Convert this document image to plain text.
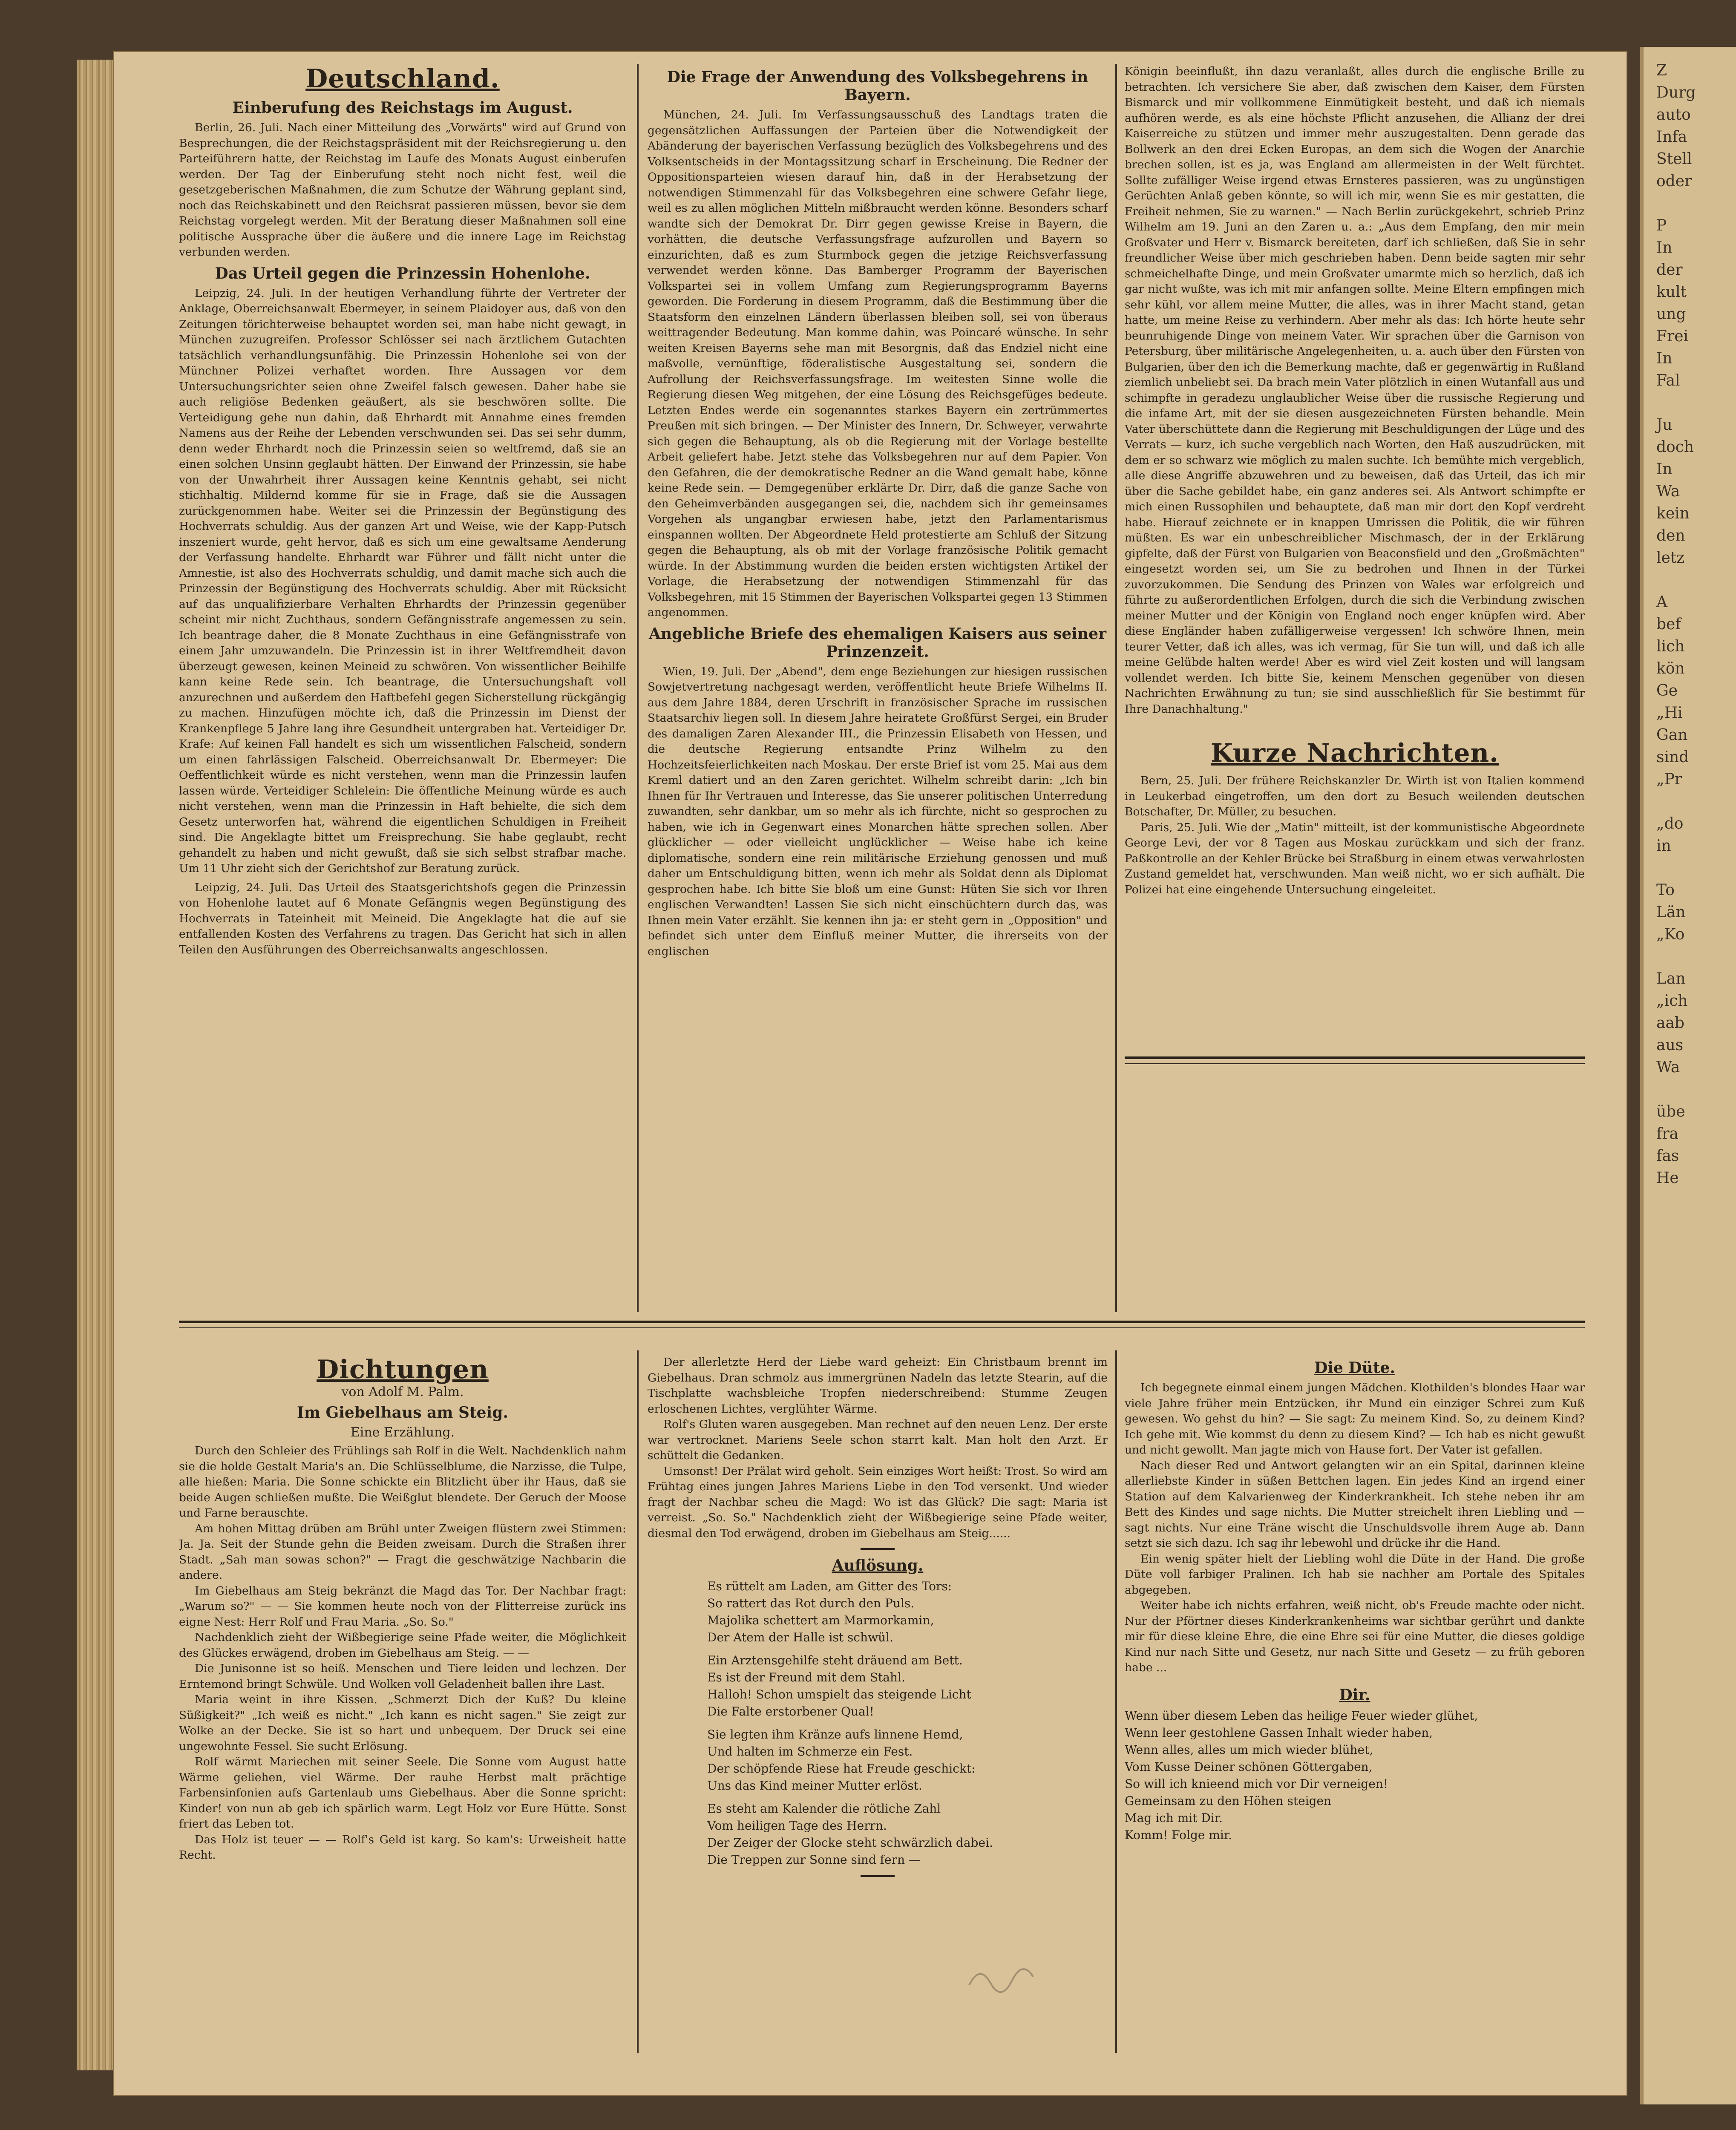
Z
Durg
auto
Infa
Stell
oder

P
In
der
kult
ung
Frei
In
Fal

Ju
doch
In
Wa
kein
den
letz

A
bef
lich
kön
Ge
„Hi
Gan
sind
„Pr

„do
in

To
Län
„Ko

Lan
„ich
aab
aus
Wa

übe
fra
fas
He
Deutschland.
Einberufung des Reichstags im August.

Berlin, 26. Juli. Nach einer Mitteilung des „Vorwärts" wird auf Grund von Besprechungen, die der Reichstagspräsident mit der Reichsregierung u. den Parteiführern hatte, der Reichstag im Laufe des Monats August einberufen werden. Der Tag der Einberufung steht noch nicht fest, weil die gesetzgeberischen Maßnahmen, die zum Schutze der Währung geplant sind, noch das Reichskabinett und den Reichsrat passieren müssen, bevor sie dem Reichstag vorgelegt werden. Mit der Beratung dieser Maßnahmen soll eine politische Aussprache über die äußere und die innere Lage im Reichstag verbunden werden.

Das Urteil gegen die Prinzessin Hohenlohe.

Leipzig, 24. Juli. In der heutigen Verhandlung führte der Vertreter der Anklage, Oberreichsanwalt Ebermeyer, in seinem Plaidoyer aus, daß von den Zeitungen törichterweise behauptet worden sei, man habe nicht gewagt, in München zuzugreifen. Professor Schlösser sei nach ärztlichem Gutachten tatsächlich verhandlungsunfähig. Die Prinzessin Hohenlohe sei von der Münchner Polizei verhaftet worden. Ihre Aussagen vor dem Untersuchungsrichter seien ohne Zweifel falsch gewesen. Daher habe sie auch religiöse Bedenken geäußert, als sie beschwören sollte. Die Verteidigung gehe nun dahin, daß Ehrhardt mit Annahme eines fremden Namens aus der Reihe der Lebenden verschwunden sei. Das sei sehr dumm, denn weder Ehrhardt noch die Prinzessin seien so weltfremd, daß sie an einen solchen Unsinn geglaubt hätten. Der Einwand der Prinzessin, sie habe von der Unwahrheit ihrer Aussagen keine Kenntnis gehabt, sei nicht stichhaltig. Mildernd komme für sie in Frage, daß sie die Aussagen zurückgenommen habe. Weiter sei die Prinzessin der Begünstigung des Hochverrats schuldig. Aus der ganzen Art und Weise, wie der Kapp-Putsch inszeniert wurde, geht hervor, daß es sich um eine gewaltsame Aenderung der Verfassung handelte. Ehrhardt war Führer und fällt nicht unter die Amnestie, ist also des Hochverrats schuldig, und damit mache sich auch die Prinzessin der Begünstigung des Hochverrats schuldig. Aber mit Rücksicht auf das unqualifizierbare Verhalten Ehrhardts der Prinzessin gegenüber scheint mir nicht Zuchthaus, sondern Gefängnisstrafe angemessen zu sein. Ich beantrage daher, die 8 Monate Zuchthaus in eine Gefängnisstrafe von einem Jahr umzuwandeln. Die Prinzessin ist in ihrer Weltfremdheit davon überzeugt gewesen, keinen Meineid zu schwören. Von wissentlicher Beihilfe kann keine Rede sein. Ich beantrage, die Untersuchungshaft voll anzurechnen und außerdem den Haftbefehl gegen Sicherstellung rückgängig zu machen. Hinzufügen möchte ich, daß die Prinzessin im Dienst der Krankenpflege 5 Jahre lang ihre Gesundheit untergraben hat. Verteidiger Dr. Krafe: Auf keinen Fall handelt es sich um wissentlichen Falscheid, sondern um einen fahrlässigen Falscheid. Oberreichsanwalt Dr. Ebermeyer: Die Oeffentlichkeit würde es nicht verstehen, wenn man die Prinzessin laufen lassen würde. Verteidiger Schlelein: Die öffentliche Meinung würde es auch nicht verstehen, wenn man die Prinzessin in Haft behielte, die sich dem Gesetz unterworfen hat, während die eigentlichen Schuldigen in Freiheit sind. Die Angeklagte bittet um Freisprechung. Sie habe geglaubt, recht gehandelt zu haben und nicht gewußt, daß sie sich selbst strafbar mache. Um 11 Uhr zieht sich der Gerichtshof zur Beratung zurück.

Leipzig, 24. Juli. Das Urteil des Staatsgerichtshofs gegen die Prinzessin von Hohenlohe lautet auf 6 Monate Gefängnis wegen Begünstigung des Hochverrats in Tateinheit mit Meineid. Die Angeklagte hat die auf sie entfallenden Kosten des Verfahrens zu tragen. Das Gericht hat sich in allen Teilen den Ausführungen des Oberreichsanwalts angeschlossen.

Die Frage der Anwendung des Volksbegehrens in Bayern.

München, 24. Juli. Im Verfassungsausschuß des Landtags traten die gegensätzlichen Auffassungen der Parteien über die Notwendigkeit der Abänderung der bayerischen Verfassung bezüglich des Volksbegehrens und des Volksentscheids in der Montagssitzung scharf in Erscheinung. Die Redner der Oppositionsparteien wiesen darauf hin, daß in der Herabsetzung der notwendigen Stimmenzahl für das Volksbegehren eine schwere Gefahr liege, weil es zu allen möglichen Mitteln mißbraucht werden könne. Besonders scharf wandte sich der Demokrat Dr. Dirr gegen gewisse Kreise in Bayern, die vorhätten, die deutsche Verfassungsfrage aufzurollen und Bayern so einzurichten, daß es zum Sturmbock gegen die jetzige Reichsverfassung verwendet werden könne. Das Bamberger Programm der Bayerischen Volkspartei sei in vollem Umfang zum Regierungsprogramm Bayerns geworden. Die Forderung in diesem Programm, daß die Bestimmung über die Staatsform den einzelnen Ländern überlassen bleiben soll, sei von überaus weittragender Bedeutung. Man komme dahin, was Poincaré wünsche. In sehr weiten Kreisen Bayerns sehe man mit Besorgnis, daß das Endziel nicht eine maßvolle, vernünftige, föderalistische Ausgestaltung sei, sondern die Aufrollung der Reichsverfassungsfrage. Im weitesten Sinne wolle die Regierung diesen Weg mitgehen, der eine Lösung des Reichsgefüges bedeute. Letzten Endes werde ein sogenanntes starkes Bayern ein zertrümmertes Preußen mit sich bringen. — Der Minister des Innern, Dr. Schweyer, verwahrte sich gegen die Behauptung, als ob die Regierung mit der Vorlage bestellte Arbeit geliefert habe. Jetzt stehe das Volksbegehren nur auf dem Papier. Von den Gefahren, die der demokratische Redner an die Wand gemalt habe, könne keine Rede sein. — Demgegenüber erklärte Dr. Dirr, daß die ganze Sache von den Geheimverbänden ausgegangen sei, die, nachdem sich ihr gemeinsames Vorgehen als ungangbar erwiesen habe, jetzt den Parlamentarismus einspannen wollten. Der Abgeordnete Held protestierte am Schluß der Sitzung gegen die Behauptung, als ob mit der Vorlage französische Politik gemacht würde. In der Abstimmung wurden die beiden ersten wichtigsten Artikel der Vorlage, die Herabsetzung der notwendigen Stimmenzahl für das Volksbegehren, mit 15 Stimmen der Bayerischen Volkspartei gegen 13 Stimmen angenommen.

Angebliche Briefe des ehemaligen Kaisers aus seiner Prinzenzeit.

Wien, 19. Juli. Der „Abend", dem enge Beziehungen zur hiesigen russischen Sowjetvertretung nachgesagt werden, veröffentlicht heute Briefe Wilhelms II. aus dem Jahre 1884, deren Urschrift in französischer Sprache im russischen Staatsarchiv liegen soll. In diesem Jahre heiratete Großfürst Sergei, ein Bruder des damaligen Zaren Alexander III., die Prinzessin Elisabeth von Hessen, und die deutsche Regierung entsandte Prinz Wilhelm zu den Hochzeitsfeierlichkeiten nach Moskau. Der erste Brief ist vom 25. Mai aus dem Kreml datiert und an den Zaren gerichtet. Wilhelm schreibt darin: „Ich bin Ihnen für Ihr Vertrauen und Interesse, das Sie unserer politischen Unterredung zuwandten, sehr dankbar, um so mehr als ich fürchte, nicht so gesprochen zu haben, wie ich in Gegenwart eines Monarchen hätte sprechen sollen. Aber glücklicher — oder vielleicht unglücklicher — Weise habe ich keine diplomatische, sondern eine rein militärische Erziehung genossen und muß daher um Entschuldigung bitten, wenn ich mehr als Soldat denn als Diplomat gesprochen habe. Ich bitte Sie bloß um eine Gunst: Hüten Sie sich vor Ihren englischen Verwandten! Lassen Sie sich nicht einschüchtern durch das, was Ihnen mein Vater erzählt. Sie kennen ihn ja: er steht gern in „Opposition" und befindet sich unter dem Einfluß meiner Mutter, die ihrerseits von der englischen

Königin beeinflußt, ihn dazu veranlaßt, alles durch die englische Brille zu betrachten. Ich versichere Sie aber, daß zwischen dem Kaiser, dem Fürsten Bismarck und mir vollkommene Einmütigkeit besteht, und daß ich niemals aufhören werde, es als eine höchste Pflicht anzusehen, die Allianz der drei Kaiserreiche zu stützen und immer mehr auszugestalten. Denn gerade das Bollwerk an den drei Ecken Europas, an dem sich die Wogen der Anarchie brechen sollen, ist es ja, was England am allermeisten in der Welt fürchtet. Sollte zufälliger Weise irgend etwas Ernsteres passieren, was zu ungünstigen Gerüchten Anlaß geben könnte, so will ich mir, wenn Sie es mir gestatten, die Freiheit nehmen, Sie zu warnen." — Nach Berlin zurückgekehrt, schrieb Prinz Wilhelm am 19. Juni an den Zaren u. a.: „Aus dem Empfang, den mir mein Großvater und Herr v. Bismarck bereiteten, darf ich schließen, daß Sie in sehr freundlicher Weise über mich geschrieben haben. Denn beide sagten mir sehr schmeichelhafte Dinge, und mein Großvater umarmte mich so herzlich, daß ich gar nicht wußte, was ich mit mir anfangen sollte. Meine Eltern empfingen mich sehr kühl, vor allem meine Mutter, die alles, was in ihrer Macht stand, getan hatte, um meine Reise zu verhindern. Aber mehr als das: Ich hörte heute sehr beunruhigende Dinge von meinem Vater. Wir sprachen über die Garnison von Petersburg, über militärische Angelegenheiten, u. a. auch über den Fürsten von Bulgarien, über den ich die Bemerkung machte, daß er gegenwärtig in Rußland ziemlich unbeliebt sei. Da brach mein Vater plötzlich in einen Wutanfall aus und schimpfte in geradezu unglaublicher Weise über die russische Regierung und die infame Art, mit der sie diesen ausgezeichneten Fürsten behandle. Mein Vater überschüttete dann die Regierung mit Beschuldigungen der Lüge und des Verrats — kurz, ich suche vergeblich nach Worten, den Haß auszudrücken, mit dem er so schwarz wie möglich zu malen suchte. Ich bemühte mich vergeblich, alle diese Angriffe abzuwehren und zu beweisen, daß das Urteil, das ich mir über die Sache gebildet habe, ein ganz anderes sei. Als Antwort schimpfte er mich einen Russophilen und behauptete, daß man mir dort den Kopf verdreht habe. Hierauf zeichnete er in knappen Umrissen die Politik, die wir führen müßten. Es war ein unbeschreiblicher Mischmasch, der in der Erklärung gipfelte, daß der Fürst von Bulgarien von Beaconsfield und den „Großmächten" eingesetzt worden sei, um Sie zu bedrohen und Ihnen in der Türkei zuvorzukommen. Die Sendung des Prinzen von Wales war erfolgreich und führte zu außerordentlichen Erfolgen, durch die sich die Verbindung zwischen meiner Mutter und der Königin von England noch enger knüpfen wird. Aber diese Engländer haben zufälligerweise vergessen! Ich schwöre Ihnen, mein teurer Vetter, daß ich alles, was ich vermag, für Sie tun will, und daß ich alle meine Gelübde halten werde! Aber es wird viel Zeit kosten und will langsam vollendet werden. Ich bitte Sie, keinem Menschen gegenüber von diesen Nachrichten Erwähnung zu tun; sie sind ausschließlich für Sie bestimmt für Ihre Danachhaltung."

Kurze Nachrichten.

Bern, 25. Juli. Der frühere Reichskanzler Dr. Wirth ist von Italien kommend in Leukerbad eingetroffen, um den dort zu Besuch weilenden deutschen Botschafter, Dr. Müller, zu besuchen.

Paris, 25. Juli. Wie der „Matin" mitteilt, ist der kommunistische Abgeordnete George Levi, der vor 8 Tagen aus Moskau zurückkam und sich der franz. Paßkontrolle an der Kehler Brücke bei Straßburg in einem etwas verwahrlosten Zustand gemeldet hat, verschwunden. Man weiß nicht, wo er sich aufhält. Die Polizei hat eine eingehende Untersuchung eingeleitet.

Dichtungen

von Adolf M. Palm.

Im Giebelhaus am Steig.

Eine Erzählung.

Durch den Schleier des Frühlings sah Rolf in die Welt. Nachdenklich nahm sie die holde Gestalt Maria's an. Die Schlüsselblume, die Narzisse, die Tulpe, alle hießen: Maria. Die Sonne schickte ein Blitzlicht über ihr Haus, daß sie beide Augen schließen mußte. Die Weißglut blendete. Der Geruch der Moose und Farne berauschte.

Am hohen Mittag drüben am Brühl unter Zweigen flüstern zwei Stimmen: Ja. Ja. Seit der Stunde gehn die Beiden zweisam. Durch die Straßen ihrer Stadt. „Sah man sowas schon?" — Fragt die geschwätzige Nachbarin die andere.

Im Giebelhaus am Steig bekränzt die Magd das Tor. Der Nachbar fragt: „Warum so?" — — Sie kommen heute noch von der Flitterreise zurück ins eigne Nest: Herr Rolf und Frau Maria. „So. So."

Nachdenklich zieht der Wißbegierige seine Pfade weiter, die Möglichkeit des Glückes erwägend, droben im Giebelhaus am Steig. — —

Die Junisonne ist so heiß. Menschen und Tiere leiden und lechzen. Der Erntemond bringt Schwüle. Und Wolken voll Geladenheit ballen ihre Last.

Maria weint in ihre Kissen. „Schmerzt Dich der Kuß? Du kleine Süßigkeit?" „Ich weiß es nicht." „Ich kann es nicht sagen." Sie zeigt zur Wolke an der Decke. Sie ist so hart und unbequem. Der Druck sei eine ungewohnte Fessel. Sie sucht Erlösung.

Rolf wärmt Mariechen mit seiner Seele. Die Sonne vom August hatte Wärme geliehen, viel Wärme. Der rauhe Herbst malt prächtige Farbensinfonien aufs Gartenlaub ums Giebelhaus. Aber die Sonne spricht: Kinder! von nun ab geb ich spärlich warm. Legt Holz vor Eure Hütte. Sonst friert das Leben tot.

Das Holz ist teuer — — Rolf's Geld ist karg. So kam's: Urweisheit hatte Recht.

Der allerletzte Herd der Liebe ward geheizt: Ein Christbaum brennt im Giebelhaus. Dran schmolz aus immergrünen Nadeln das letzte Stearin, auf die Tischplatte wachsbleiche Tropfen niederschreibend: Stumme Zeugen erloschenen Lichtes, verglühter Wärme.

Rolf's Gluten waren ausgegeben. Man rechnet auf den neuen Lenz. Der erste war vertrocknet. Mariens Seele schon starrt kalt. Man holt den Arzt. Er schüttelt die Gedanken.

Umsonst! Der Prälat wird geholt. Sein einziges Wort heißt: Trost. So wird am Frühtag eines jungen Jahres Mariens Liebe in den Tod versenkt. Und wieder fragt der Nachbar scheu die Magd: Wo ist das Glück? Die sagt: Maria ist verreist. „So. So." Nachdenklich zieht der Wißbegierige seine Pfade weiter, diesmal den Tod erwägend, droben im Giebelhaus am Steig......

Auflösung.
Es rüttelt am Laden, am Gitter des Tors:
So rattert das Rot durch den Puls.
Majolika schettert am Marmorkamin,
Der Atem der Halle ist schwül.
Ein Arztensgehilfe steht dräuend am Bett.
Es ist der Freund mit dem Stahl.
Halloh! Schon umspielt das steigende Licht
Die Falte erstorbener Qual!
Sie legten ihm Kränze aufs linnene Hemd,
Und halten im Schmerze ein Fest.
Der schöpfende Riese hat Freude geschickt:
Uns das Kind meiner Mutter erlöst.
Es steht am Kalender die rötliche Zahl
Vom heiligen Tage des Herrn.
Der Zeiger der Glocke steht schwärzlich dabei.
Die Treppen zur Sonne sind fern —
Die Düte.

Ich begegnete einmal einem jungen Mädchen. Klothilden's blondes Haar war viele Jahre früher mein Entzücken, ihr Mund ein einziger Schrei zum Kuß gewesen. Wo gehst du hin? — Sie sagt: Zu meinem Kind. So, zu deinem Kind? Ich gehe mit. Wie kommst du denn zu diesem Kind? — Ich hab es nicht gewußt und nicht gewollt. Man jagte mich von Hause fort. Der Vater ist gefallen.

Nach dieser Red und Antwort gelangten wir an ein Spital, darinnen kleine allerliebste Kinder in süßen Bettchen lagen. Ein jedes Kind an irgend einer Station auf dem Kalvarienweg der Kinderkrankheit. Ich stehe neben ihr am Bett des Kindes und sage nichts. Die Mutter streichelt ihren Liebling und — sagt nichts. Nur eine Träne wischt die Unschuldsvolle ihrem Auge ab. Dann setzt sie sich dazu. Ich sag ihr lebewohl und drücke ihr die Hand.

Ein wenig später hielt der Liebling wohl die Düte in der Hand. Die große Düte voll farbiger Pralinen. Ich hab sie nachher am Portale des Spitales abgegeben.

Weiter habe ich nichts erfahren, weiß nicht, ob's Freude machte oder nicht. Nur der Pförtner dieses Kinderkrankenheims war sichtbar gerührt und dankte mir für diese kleine Ehre, die eine Ehre sei für eine Mutter, die dieses goldige Kind nur nach Sitte und Gesetz, nur nach Sitte und Gesetz — zu früh geboren habe ...

Dir.
Wenn über diesem Leben das heilige Feuer wieder glühet,
Wenn leer gestohlene Gassen Inhalt wieder haben,
Wenn alles, alles um mich wieder blühet,
Vom Kusse Deiner schönen Göttergaben,
So will ich knieend mich vor Dir verneigen!
Gemeinsam zu den Höhen steigen
Mag ich mit Dir.
Komm! Folge mir.
